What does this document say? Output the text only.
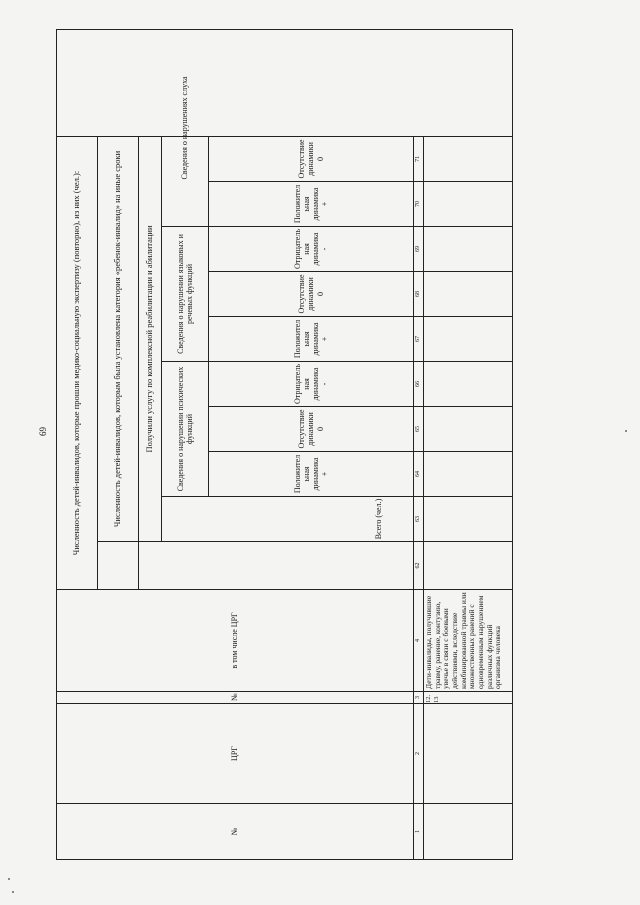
69
№	ЦРГ	№	в том числе ЦРГ	Численность детей-инвалидов, которые прошли медико-социальную экспертизу (повторно), из них (чел.):											
					Численность детей-инвалидов, которым была установлена категория «ребенок-инвалид» на иные сроки										
					Получили услугу по комплексной реабилитации и абилитации										
					Всего (чел.)	Сведения о нарушении психических функций			Сведения о нарушении языковых и речевых функций			Сведения о нарушениях слуха			
						Положительная динамика +	Отсутствие динамики 0	Отрицательная динамика -	Положительная динамика +	Отсутствие динамики 0	Отрицательная динамика -	Положительная динамика +	Отсутствие динамики 0

1	2	3	4	62	63	64	65	66	67	68	69	70	71		
		12.13	Дети-инвалиды, получившие травму, ранение, контузию, увечье в связи с боевыми действиями, вследствие комбинированной травмы или множественных ранений с одновременным нарушением различных функций организма человека												
